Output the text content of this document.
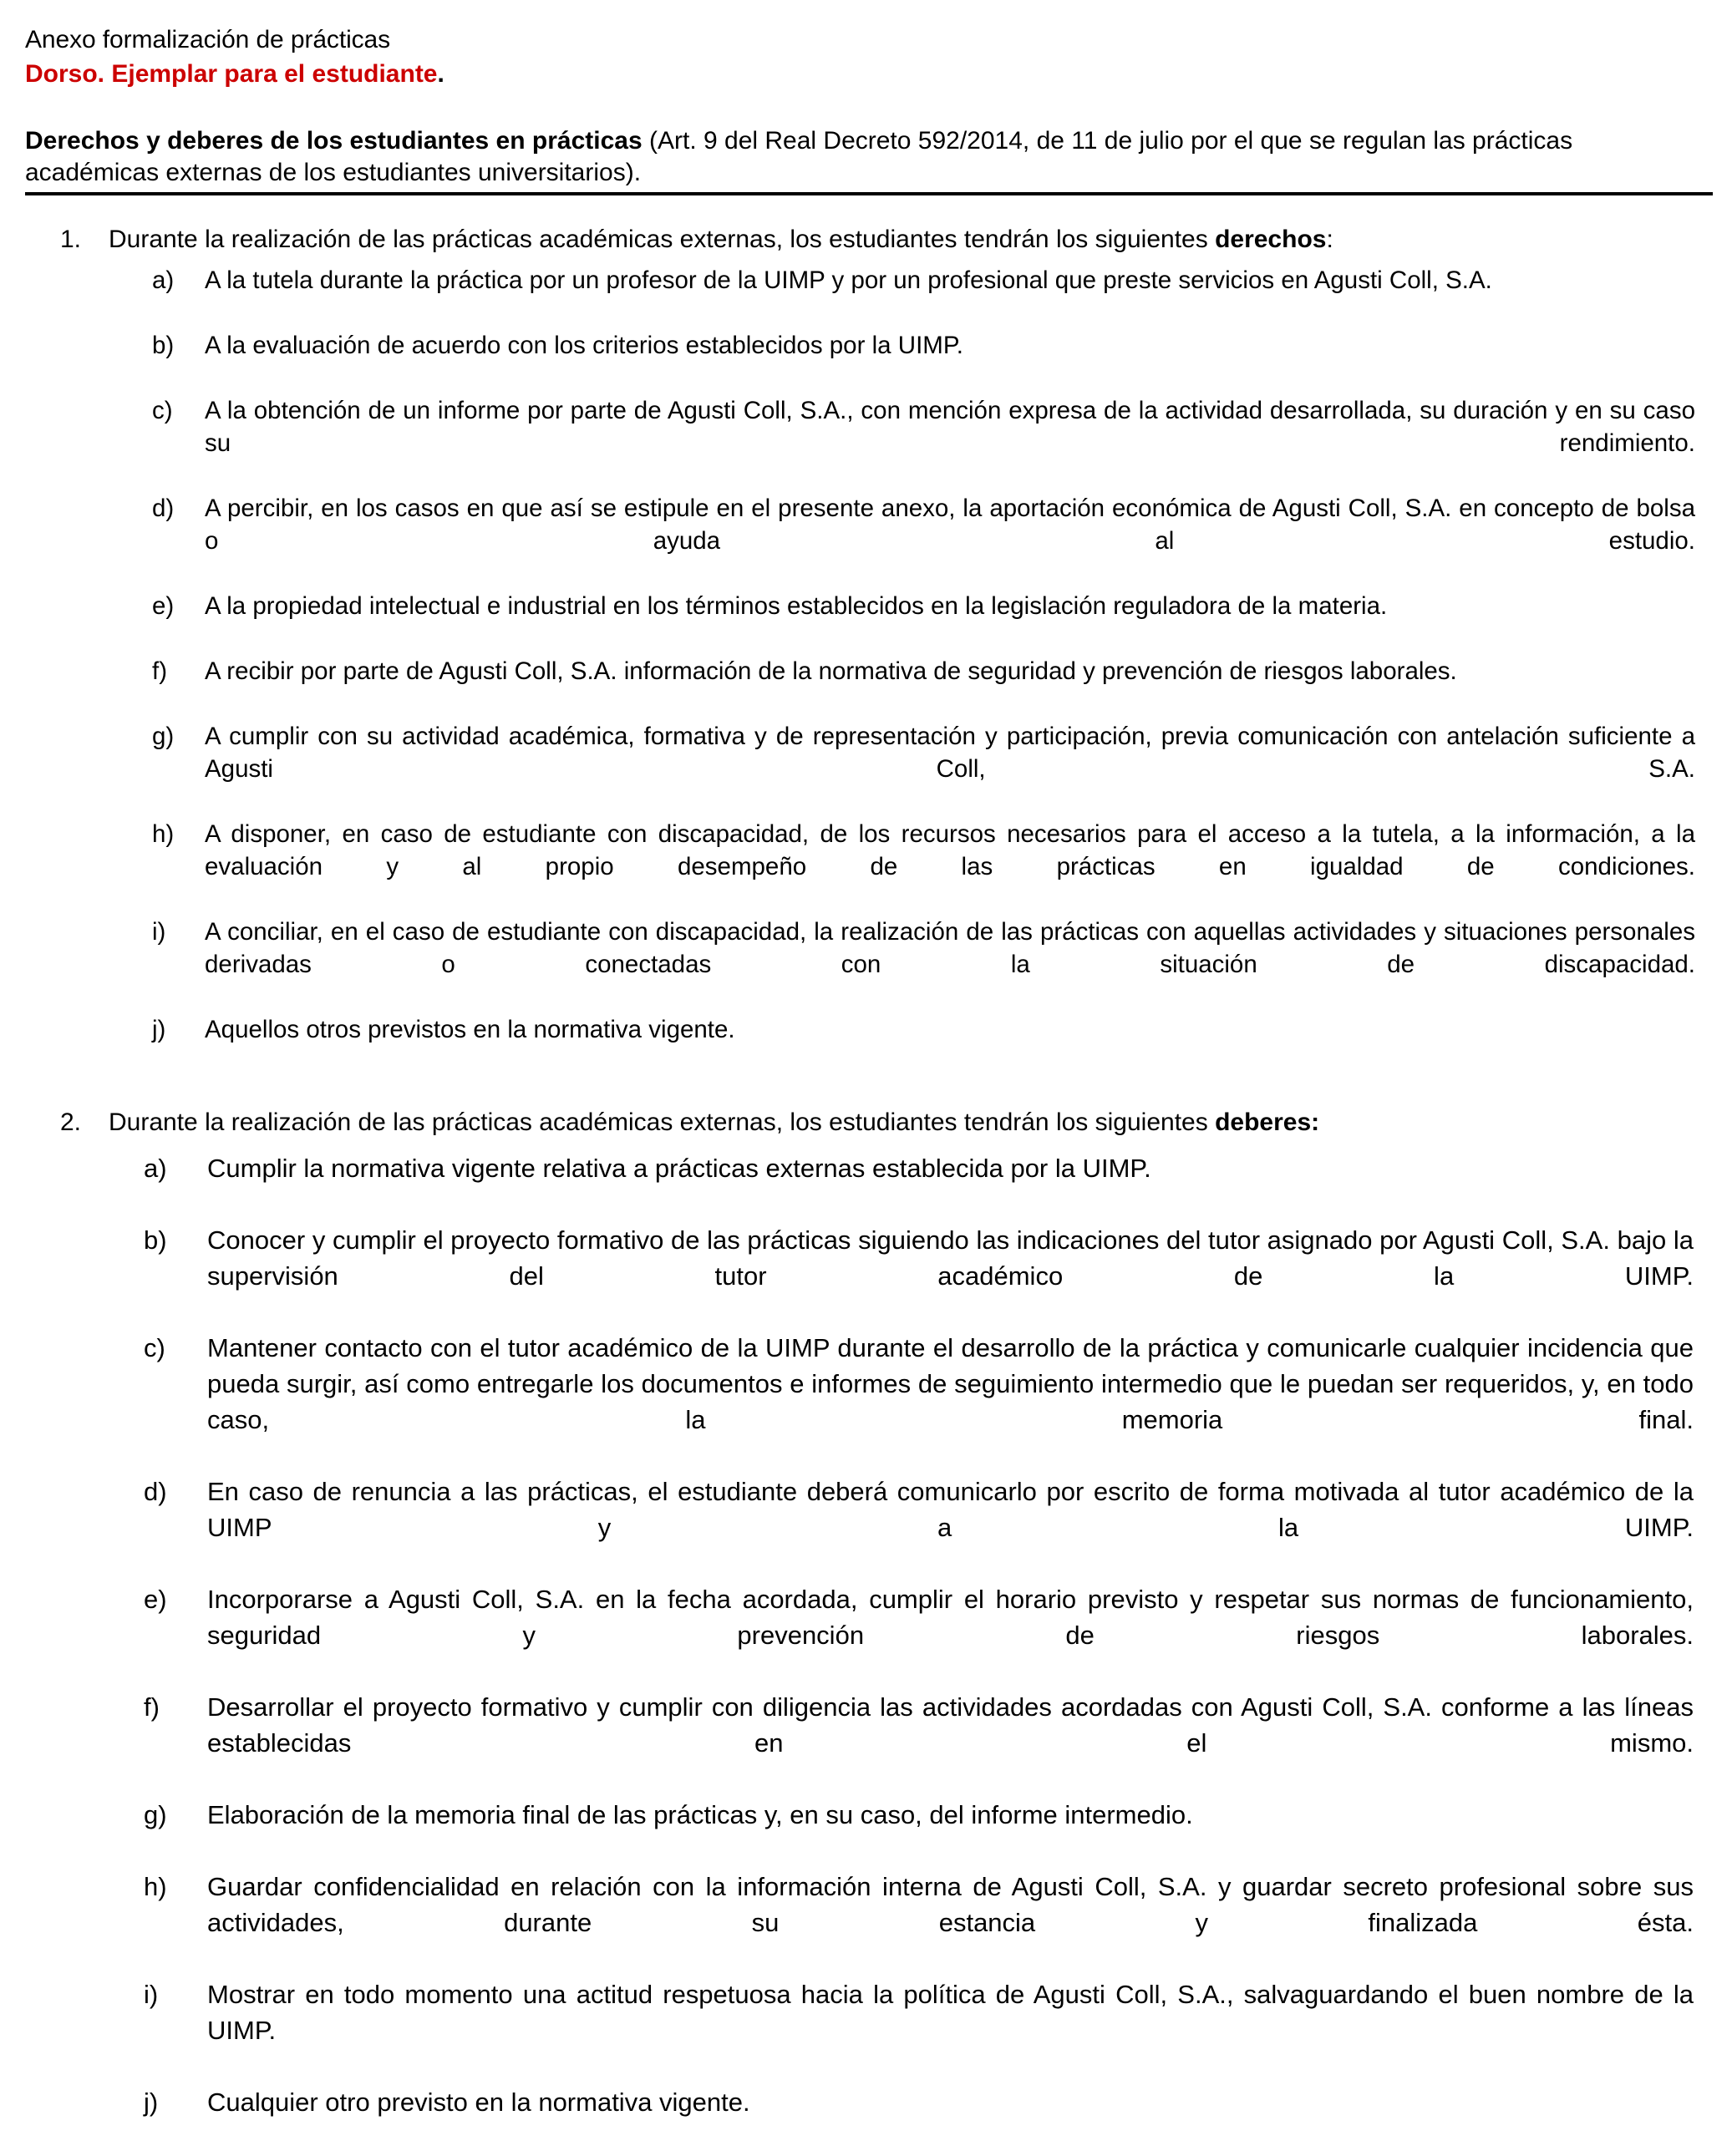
Anexo formalización de prácticas
Dorso. Ejemplar para el estudiante.
Derechos y deberes de los estudiantes en prácticas (Art. 9 del Real Decreto 592/2014, de 11 de julio por el que se regulan las prácticas académicas externas de los estudiantes universitarios).
1. Durante la realización de las prácticas académicas externas, los estudiantes tendrán los siguientes derechos:
a)	A la tutela durante la práctica por un profesor de la UIMP y por un profesional que preste servicios en Agusti Coll, S.A.
b)	A la evaluación de acuerdo con los criterios establecidos por la UIMP.
c)	A la obtención de un informe por parte de Agusti Coll, S.A., con mención expresa de la actividad desarrollada, su duración y en su caso su rendimiento.
d)	A percibir, en los casos en que así se estipule en el presente anexo, la aportación económica de Agusti Coll, S.A. en concepto de bolsa o ayuda al estudio.
e)	A la propiedad intelectual e industrial en los términos establecidos en la legislación reguladora de la materia.
f)	A recibir por parte de Agusti Coll, S.A. información de la normativa de seguridad y prevención de riesgos laborales.
g)	A cumplir con su actividad académica, formativa y de representación y participación, previa comunicación con antelación suficiente a Agusti Coll, S.A.
h)	A disponer, en caso de estudiante con discapacidad, de los recursos necesarios para el acceso a la tutela, a la información, a la evaluación y al propio desempeño de las prácticas en igualdad de condiciones.
i)	A conciliar, en el caso de estudiante con discapacidad, la realización de las prácticas con aquellas actividades y situaciones personales derivadas o conectadas con la situación de discapacidad.
j)	Aquellos otros previstos en la normativa vigente.
2. Durante la realización de las prácticas académicas externas, los estudiantes tendrán los siguientes deberes:
a)	Cumplir la normativa vigente relativa a prácticas externas establecida por la UIMP.
b)	Conocer y cumplir el proyecto formativo de las prácticas siguiendo las indicaciones del tutor asignado por Agusti Coll, S.A. bajo la supervisión del tutor académico de la UIMP.
c)	Mantener contacto con el tutor académico de la UIMP durante el desarrollo de la práctica y comunicarle cualquier incidencia que pueda surgir, así como entregarle los documentos e informes de seguimiento intermedio que le puedan ser requeridos, y, en todo caso, la memoria final.
d)	En caso de renuncia a las prácticas, el estudiante deberá comunicarlo por escrito de forma motivada al tutor académico de la UIMP y a la UIMP.
e)	Incorporarse a Agusti Coll, S.A. en la fecha acordada, cumplir el horario previsto y respetar sus normas de funcionamiento, seguridad y prevención de riesgos laborales.
f)	Desarrollar el proyecto formativo y cumplir con diligencia las actividades acordadas con Agusti Coll, S.A. conforme a las líneas establecidas en el mismo.
g)	Elaboración de la memoria final de las prácticas y, en su caso, del informe intermedio.
h)	Guardar confidencialidad en relación con la información interna de Agusti Coll, S.A. y guardar secreto profesional sobre sus actividades, durante su estancia y finalizada ésta.
i)	Mostrar en todo momento una actitud respetuosa hacia la política de Agusti Coll, S.A., salvaguardando el buen nombre de la UIMP.
j)	Cualquier otro previsto en la normativa vigente.
